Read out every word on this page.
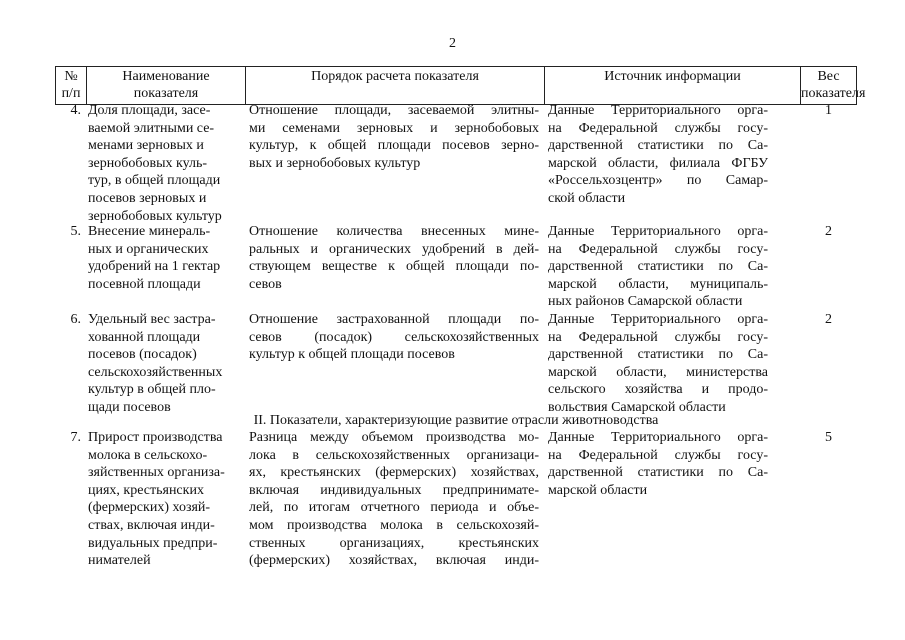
2
№
п/п
Наименование
показателя
Порядок расчета показателя	Источник информации	Вес
показателя
4. Доля площади, засе-
ваемой элитными се-
менами зерновых и
зернобобовых куль-
тур, в общей площади
посевов зерновых и
зернобобовых культур
Отношение площади, засеваемой элитны-
ми семенами зерновых и зернобобовых
культур, к общей площади посевов зерно-
вых и зернобобовых культур
Данные Территориального орга-
на Федеральной службы госу-
дарственной статистики по Са-
марской области, филиала ФГБУ
«Россельхозцентр» по Самар-
ской области
1
5. Внесение минераль-
ных и органических
удобрений на 1 гектар
посевной площади
Отношение количества внесенных мине-
ральных и органических удобрений в дей-
ствующем веществе к общей площади по-
севов
Данные Территориального орга-
на Федеральной службы госу-
дарственной статистики по Са-
марской области, муниципаль-
ных районов Самарской области
2
6. Удельный вес застра-
хованной площади
посевов (посадок)
сельскохозяйственных
культур в общей пло-
щади посевов
Отношение застрахованной площади по-
севов (посадок) сельскохозяйственных
культур к общей площади посевов
Данные Территориального орга-
на Федеральной службы госу-
дарственной статистики по Са-
марской области, министерства
сельского хозяйства и продо-
вольствия Самарской области
2
II. Показатели, характеризующие развитие отрасли животноводства
7. Прирост производства
молока в сельскохо-
зяйственных организа-
циях, крестьянских
(фермерских) хозяй-
ствах, включая инди-
видуальных предпри-
нимателей
Разница между объемом производства мо-
лока в сельскохозяйственных организаци-
ях, крестьянских (фермерских) хозяйствах,
включая индивидуальных предпринимате-
лей, по итогам отчетного периода и объе-
мом производства молока в сельскохозяй-
ственных организациях, крестьянских
(фермерских) хозяйствах, включая инди-
Данные Территориального орга-
на Федеральной службы госу-
дарственной статистики по Са-
марской области
5
